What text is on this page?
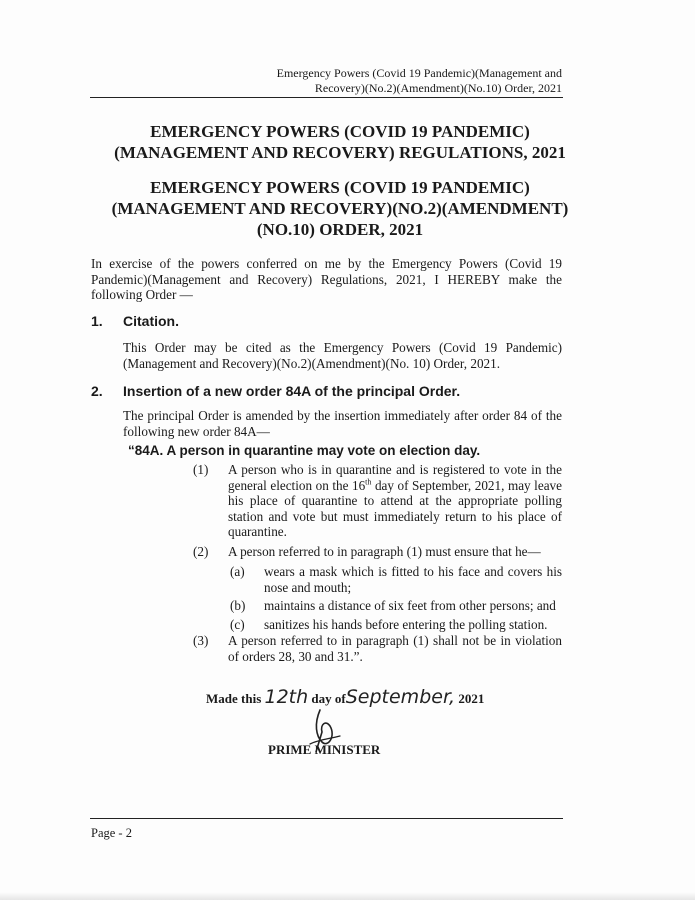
Emergency Powers (Covid 19 Pandemic)(Management and
Recovery)(No.2)(Amendment)(No.10) Order, 2021
EMERGENCY POWERS (COVID 19 PANDEMIC)
(MANAGEMENT AND RECOVERY) REGULATIONS, 2021
EMERGENCY POWERS (COVID 19 PANDEMIC)
(MANAGEMENT AND RECOVERY)(NO.2)(AMENDMENT)
(NO.10) ORDER, 2021
In exercise of the powers conferred on me by the Emergency Powers (Covid 19 Pandemic)(Management and Recovery) Regulations, 2021, I HEREBY make the following Order —
1. Citation.
This Order may be cited as the Emergency Powers (Covid 19 Pandemic) (Management and Recovery)(No.2)(Amendment)(No. 10) Order, 2021.
2. Insertion of a new order 84A of the principal Order.
The principal Order is amended by the insertion immediately after order 84 of the following new order 84A—
“84A. A person in quarantine may vote on election day.
(1) A person who is in quarantine and is registered to vote in the general election on the 16th day of September, 2021, may leave his place of quarantine to attend at the appropriate polling station and vote but must immediately return to his place of quarantine.
(2) A person referred to in paragraph (1) must ensure that he—
(a) wears a mask which is fitted to his face and covers his nose and mouth;
(b) maintains a distance of six feet from other persons; and
(c) sanitizes his hands before entering the polling station.
(3) A person referred to in paragraph (1) shall not be in violation of orders 28, 30 and 31.”.
Made this 12th day ofSeptember, 2021
PRIME MINISTER
Page - 2
